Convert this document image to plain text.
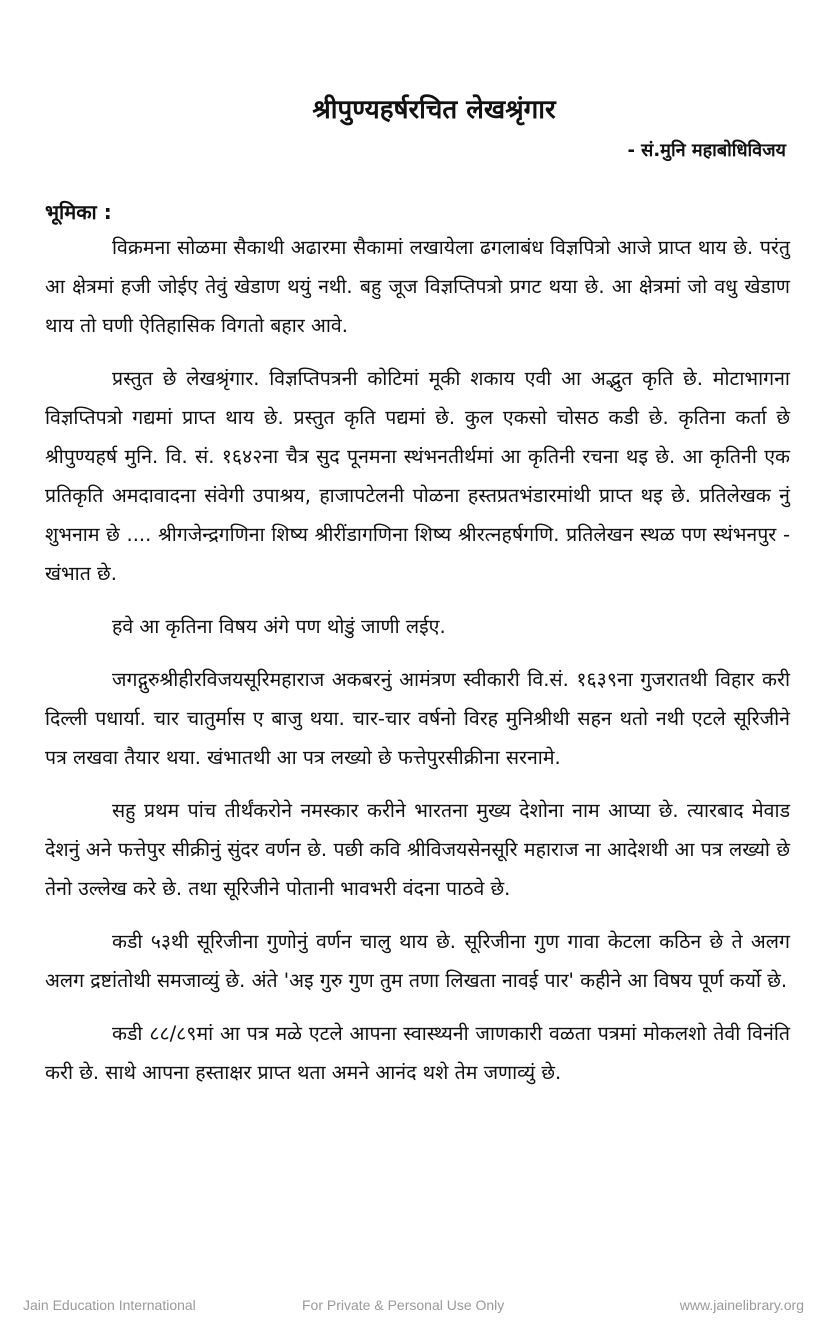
श्रीपुण्यहर्षरचित लेखश्रृंगार
- सं.मुनि महाबोधिविजय
भूमिका :

विक्रमना सोळमा सैकाथी अढारमा सैकामां लखायेला ढगलाबंध विज्ञपित्रो आजे प्राप्त थाय छे. परंतु आ क्षेत्रमां हजी जोईए तेवुं खेडाण थयुं नथी. बहु जूज विज्ञप्तिपत्रो प्रगट थया छे. आ क्षेत्रमां जो वधु खेडाण थाय तो घणी ऐतिहासिक विगतो बहार आवे.

प्रस्तुत छे लेखश्रृंगार. विज्ञप्तिपत्रनी कोटिमां मूकी शकाय एवी आ अद्भुत कृति छे. मोटाभागना विज्ञप्तिपत्रो गद्यमां प्राप्त थाय छे. प्रस्तुत कृति पद्यमां छे. कुल एकसो चोसठ कडी छे. कृतिना कर्ता छे श्रीपुण्यहर्ष मुनि. वि. सं. १६४२ना चैत्र सुद पूनमना स्थंभनतीर्थमां आ कृतिनी रचना थइ छे. आ कृतिनी एक प्रतिकृति अमदावादना संवेगी उपाश्रय, हाजापटेलनी पोळना हस्तप्रतभंडारमांथी प्राप्त थइ छे. प्रतिलेखक नुं शुभनाम छे .... श्रीगजेन्द्रगणिना शिष्य श्रीरींडागणिना शिष्य श्रीरत्नहर्षगणि. प्रतिलेखन स्थळ पण स्थंभनपुर - खंभात छे.

हवे आ कृतिना विषय अंगे पण थोडुं जाणी लईए.

जगद्गुरुश्रीहीरविजयसूरिमहाराज अकबरनुं आमंत्रण स्वीकारी वि.सं. १६३९ना गुजरातथी विहार करी दिल्ली पधार्या. चार चातुर्मास ए बाजु थया. चार-चार वर्षनो विरह मुनिश्रीथी सहन थतो नथी एटले सूरिजीने पत्र लखवा तैयार थया. खंभातथी आ पत्र लख्यो छे फत्तेपुरसीक्रीना सरनामे.

सहु प्रथम पांच तीर्थंकरोने नमस्कार करीने भारतना मुख्य देशोना नाम आप्या छे. त्यारबाद मेवाड देशनुं अने फत्तेपुर सीक्रीनुं सुंदर वर्णन छे. पछी कवि श्रीविजयसेनसूरि महाराज ना आदेशथी आ पत्र लख्यो छे तेनो उल्लेख करे छे. तथा सूरिजीने पोतानी भावभरी वंदना पाठवे छे.

कडी ५३थी सूरिजीना गुणोनुं वर्णन चालु थाय छे. सूरिजीना गुण गावा केटला कठिन छे ते अलग अलग द्रष्टांतोथी समजाव्युं छे. अंते 'अइ गुरु गुण तुम तणा लिखता नावई पार' कहीने आ विषय पूर्ण कर्यो छे.

कडी ८८/८९मां आ पत्र मळे एटले आपना स्वास्थ्यनी जाणकारी वळता पत्रमां मोकलशो तेवी विनंति करी छे. साथे आपना हस्ताक्षर प्राप्त थता अमने आनंद थशे तेम जणाव्युं छे.

Jain Education International	For Private & Personal Use Only	www.jainelibrary.org
